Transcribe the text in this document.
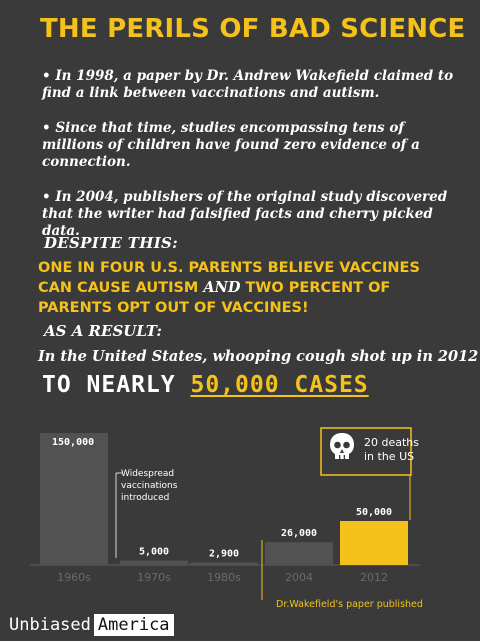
THE PERILS OF BAD SCIENCE

• In 1998, a paper by Dr. Andrew Wakefield claimed to find a link between vaccinations and autism.

• Since that time, studies encompassing tens of millions of children have found zero evidence of a connection.

• In 2004, publishers of the original study discovered that the writer had falsified facts and cherry picked data.

DESPITE THIS:
ONE IN FOUR U.S. PARENTS BELIEVE VACCINES CAN CAUSE AUTISM AND TWO PERCENT OF PARENTS OPT OUT OF VACCINES!
AS A RESULT:
In the United States, whooping cough shot up in 2012
TO NEARLY 50,000 CASES
150,000
1960s
5,000
1970s
2,900
1980s
26,000
2004
50,000
2012
Widespread vaccinations introduced
Dr.Wakefield's paper published
20 deaths in the US
Unbiased America
